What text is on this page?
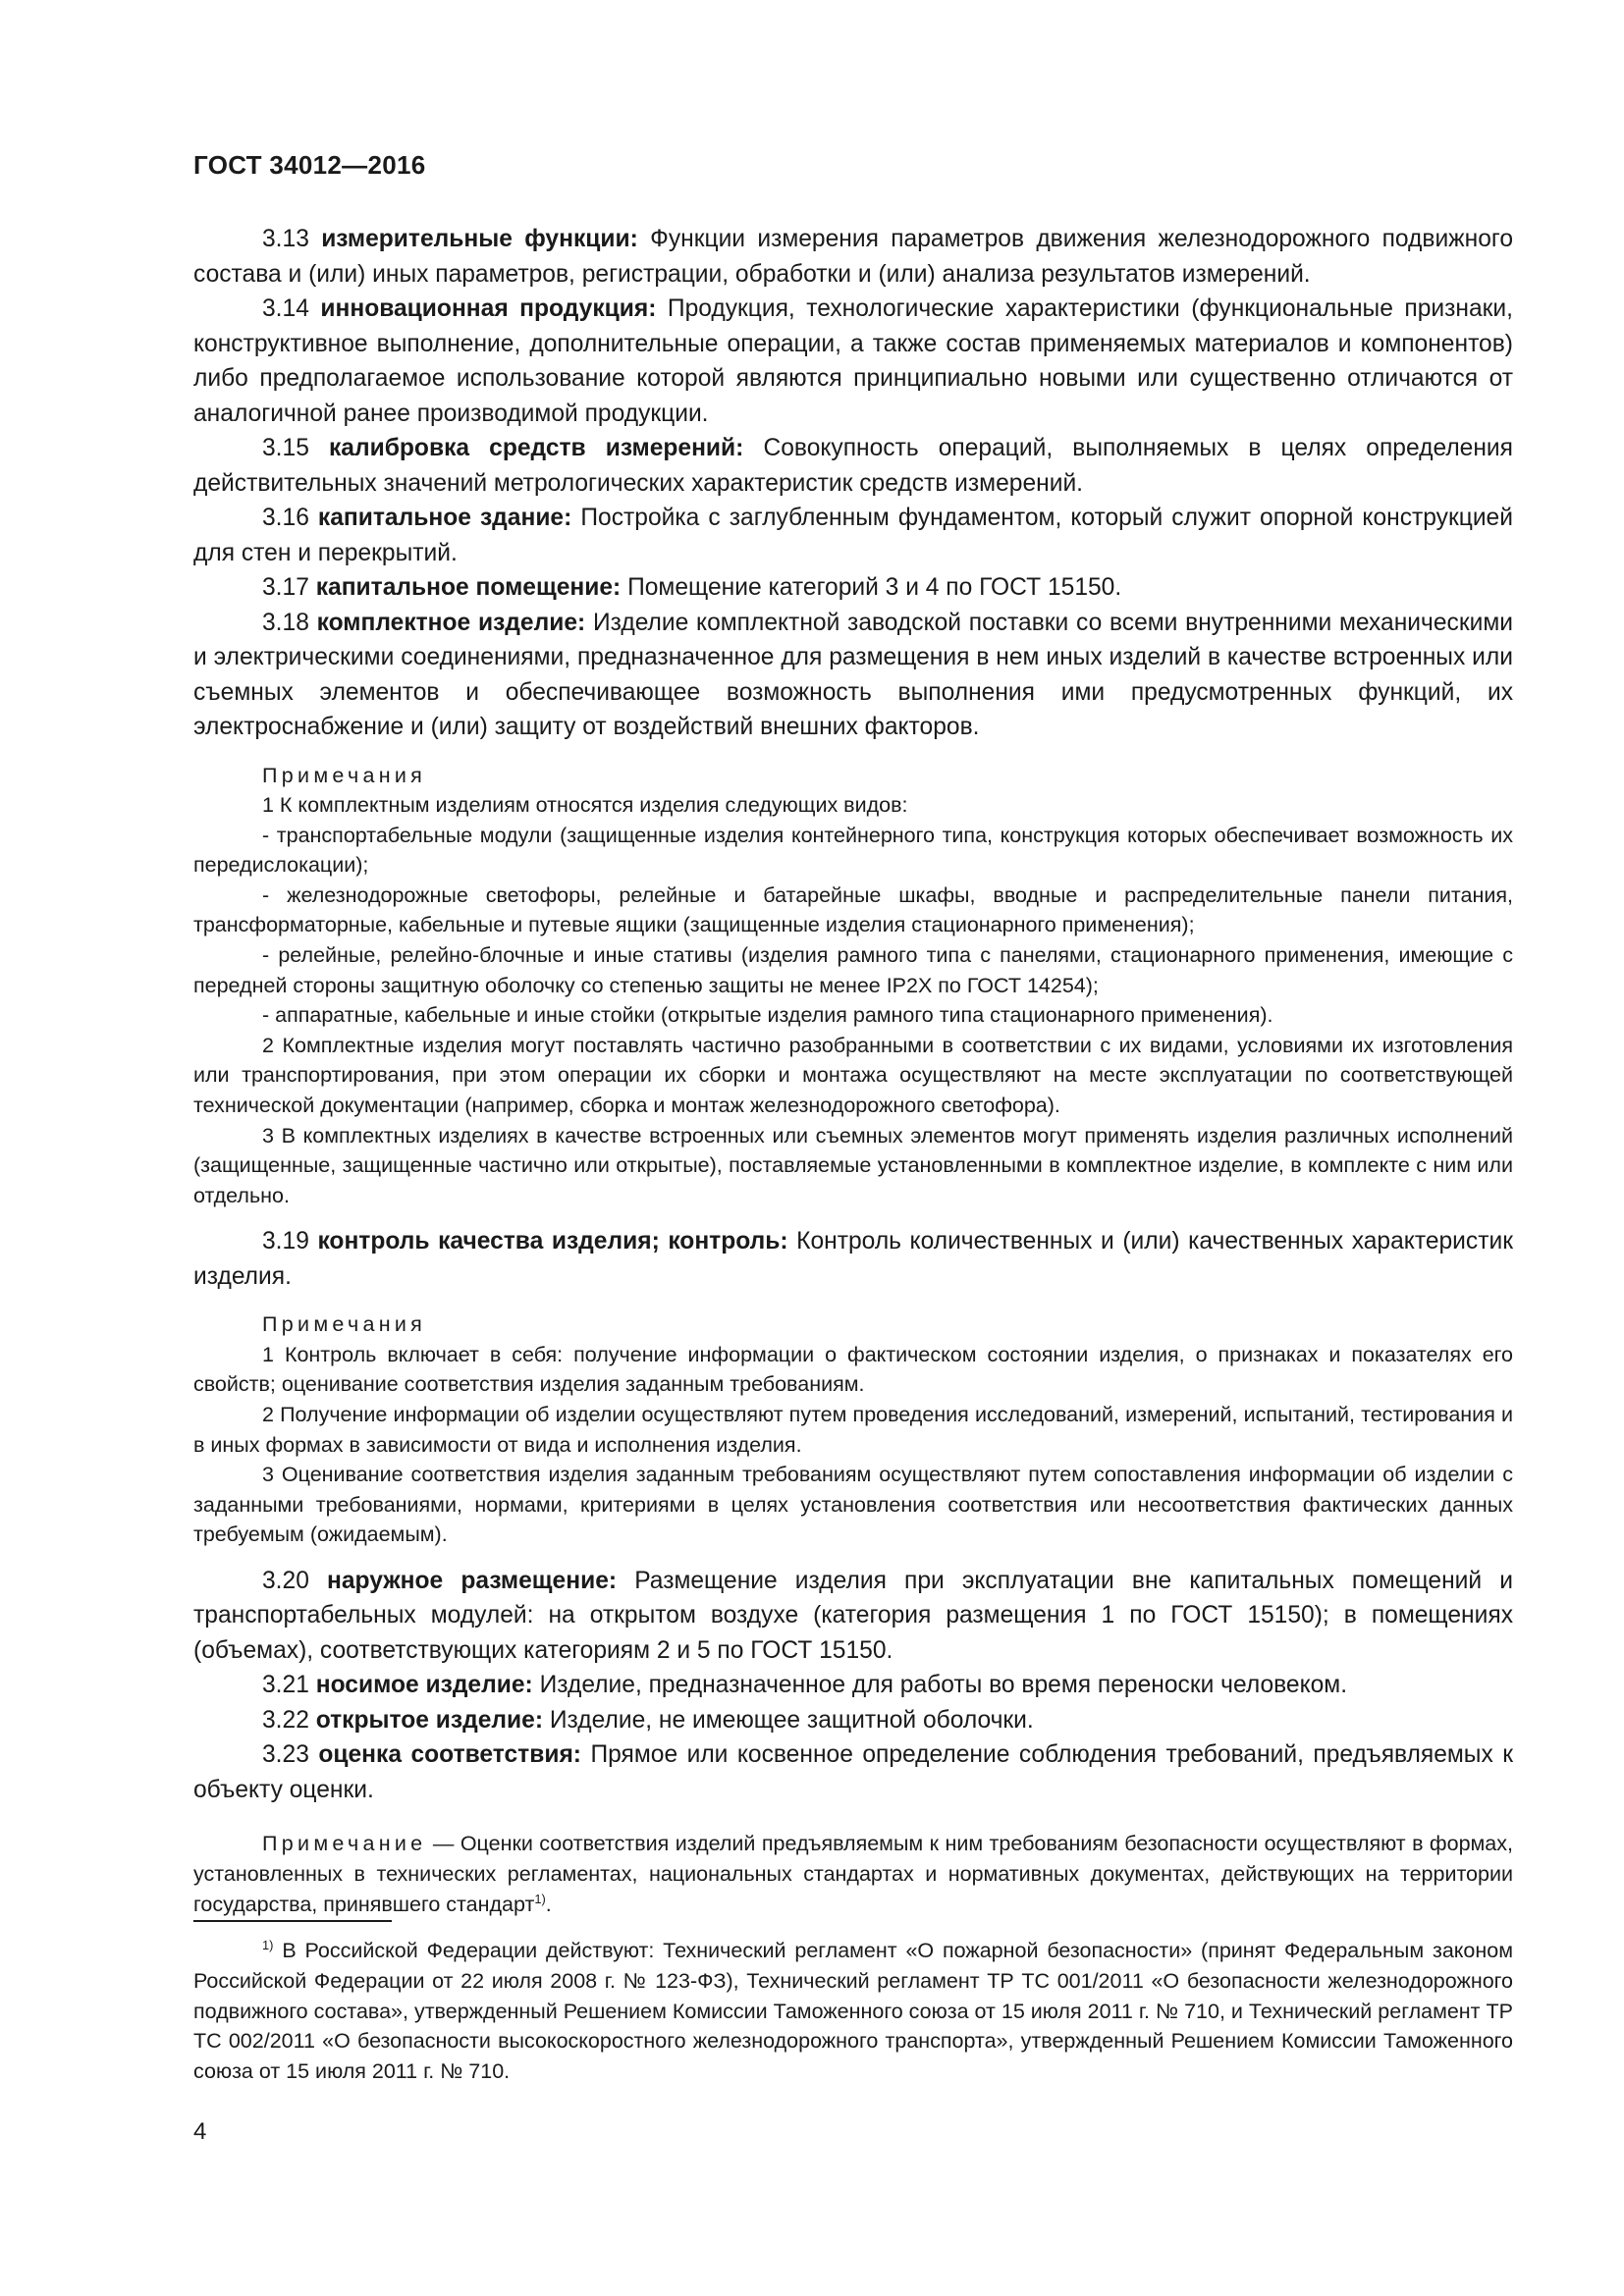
ГОСТ 34012—2016

3.13 измерительные функции: Функции измерения параметров движения железнодорожного подвижного состава и (или) иных параметров, регистрации, обработки и (или) анализа результатов измерений.

3.14 инновационная продукция: Продукция, технологические характеристики (функциональные признаки, конструктивное выполнение, дополнительные операции, а также состав применяемых материалов и компонентов) либо предполагаемое использование которой являются принципиально новыми или существенно отличаются от аналогичной ранее производимой продукции.

3.15 калибровка средств измерений: Совокупность операций, выполняемых в целях определения действительных значений метрологических характеристик средств измерений.

3.16 капитальное здание: Постройка с заглубленным фундаментом, который служит опорной конструкцией для стен и перекрытий.

3.17 капитальное помещение: Помещение категорий 3 и 4 по ГОСТ 15150.

3.18 комплектное изделие: Изделие комплектной заводской поставки со всеми внутренними механическими и электрическими соединениями, предназначенное для размещения в нем иных изделий в качестве встроенных или съемных элементов и обеспечивающее возможность выполнения ими предусмотренных функций, их электроснабжение и (или) защиту от воздействий внешних факторов.

Примечания

1 К комплектным изделиям относятся изделия следующих видов:

- транспортабельные модули (защищенные изделия контейнерного типа, конструкция которых обеспечивает возможность их передислокации);

- железнодорожные светофоры, релейные и батарейные шкафы, вводные и распределительные панели питания, трансформаторные, кабельные и путевые ящики (защищенные изделия стационарного применения);

- релейные, релейно-блочные и иные стативы (изделия рамного типа с панелями, стационарного применения, имеющие с передней стороны защитную оболочку со степенью защиты не менее IP2X по ГОСТ 14254);

- аппаратные, кабельные и иные стойки (открытые изделия рамного типа стационарного применения).

2 Комплектные изделия могут поставлять частично разобранными в соответствии с их видами, условиями их изготовления или транспортирования, при этом операции их сборки и монтажа осуществляют на месте эксплуатации по соответствующей технической документации (например, сборка и монтаж железнодорожного светофора).

3 В комплектных изделиях в качестве встроенных или съемных элементов могут применять изделия различных исполнений (защищенные, защищенные частично или открытые), поставляемые установленными в комплектное изделие, в комплекте с ним или отдельно.

3.19 контроль качества изделия; контроль: Контроль количественных и (или) качественных характеристик изделия.

Примечания

1 Контроль включает в себя: получение информации о фактическом состоянии изделия, о признаках и показателях его свойств; оценивание соответствия изделия заданным требованиям.

2 Получение информации об изделии осуществляют путем проведения исследований, измерений, испытаний, тестирования и в иных формах в зависимости от вида и исполнения изделия.

3 Оценивание соответствия изделия заданным требованиям осуществляют путем сопоставления информации об изделии с заданными требованиями, нормами, критериями в целях установления соответствия или несоответствия фактических данных требуемым (ожидаемым).

3.20 наружное размещение: Размещение изделия при эксплуатации вне капитальных помещений и транспортабельных модулей: на открытом воздухе (категория размещения 1 по ГОСТ 15150); в помещениях (объемах), соответствующих категориям 2 и 5 по ГОСТ 15150.

3.21 носимое изделие: Изделие, предназначенное для работы во время переноски человеком.

3.22 открытое изделие: Изделие, не имеющее защитной оболочки.

3.23 оценка соответствия: Прямое или косвенное определение соблюдения требований, предъявляемых к объекту оценки.

Примечание — Оценки соответствия изделий предъявляемым к ним требованиям безопасности осуществляют в формах, установленных в технических регламентах, национальных стандартах и нормативных документах, действующих на территории государства, принявшего стандарт$^{1)}$.

$^{1)}$ В Российской Федерации действуют: Технический регламент «О пожарной безопасности» (принят Федеральным законом Российской Федерации от 22 июля 2008 г. № 123-ФЗ), Технический регламент ТР ТС 001/2011 «О безопасности железнодорожного подвижного состава», утвержденный Решением Комиссии Таможенного союза от 15 июля 2011 г. № 710, и Технический регламент ТР ТС 002/2011 «О безопасности высокоскоростного железнодорожного транспорта», утвержденный Решением Комиссии Таможенного союза от 15 июля 2011 г. № 710.

4
